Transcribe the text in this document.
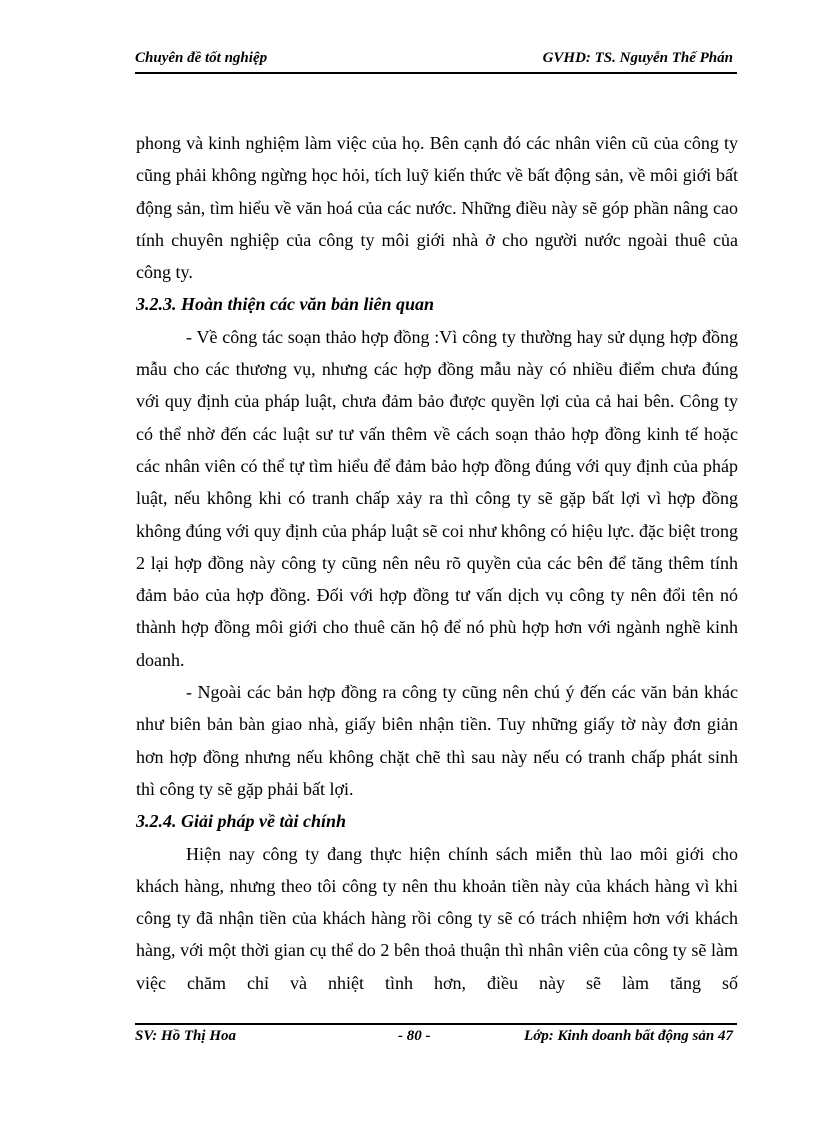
Chuyên đề tốt nghiệp	GVHD: TS. Nguyễn Thế Phán

phong và kinh nghiệm làm việc của họ. Bên cạnh đó các nhân viên cũ của công ty cũng phải không ngừng học hỏi, tích luỹ kiến thức về bất động sản, về môi giới bất động sản, tìm hiểu về văn hoá của các nước. Những điều này sẽ góp phần nâng cao tính chuyên nghiệp của công ty môi giới nhà ở cho người nước ngoài thuê của công ty.

3.2.3. Hoàn thiện các văn bản liên quan

- Về công tác soạn thảo hợp đồng :Vì công ty thường hay sử dụng hợp đồng mẫu cho các thương vụ, nhưng các hợp đồng mẫu này có nhiều điểm chưa đúng với quy định của pháp luật, chưa đảm bảo được quyền lợi của cả hai bên. Công ty có thể nhờ đến các luật sư tư vấn thêm về cách soạn thảo hợp đồng kinh tế hoặc các nhân viên có thể tự tìm hiểu để đảm bảo hợp đồng đúng với quy định của pháp luật, nếu không khi có tranh chấp xảy ra thì công ty sẽ gặp bất lợi vì hợp đồng không đúng với quy định của pháp luật sẽ coi như không có hiệu lực. đặc biệt trong 2 lại hợp đồng này công ty cũng nên nêu rõ quyền của các bên để tăng thêm tính đảm bảo của hợp đồng. Đối với hợp đồng tư vấn dịch vụ công ty nên đổi tên nó thành hợp đồng môi giới cho thuê căn hộ để nó phù hợp hơn với ngành nghề kinh doanh.

- Ngoài các bản hợp đồng ra công ty cũng nên chú ý đến các văn bản khác như biên bản bàn giao nhà, giấy biên nhận tiền. Tuy những giấy tờ này đơn giản hơn hợp đồng nhưng nếu không chặt chẽ thì sau này nếu có tranh chấp phát sinh thì công ty sẽ gặp phải bất lợi.

3.2.4. Giải pháp về tài chính

Hiện nay công ty đang thực hiện chính sách miễn thù lao môi giới cho khách hàng, nhưng theo tôi công ty nên thu khoản tiền này của khách hàng vì khi công ty đã nhận tiền của khách hàng rồi công ty sẽ có trách nhiệm hơn với khách hàng, với một thời gian cụ thể do 2 bên thoả thuận thì nhân viên của công ty sẽ làm việc chăm chỉ và nhiệt tình hơn, điều này sẽ làm tăng số

SV: Hồ Thị Hoa	- 80 -	Lớp: Kinh doanh bất động sản 47
